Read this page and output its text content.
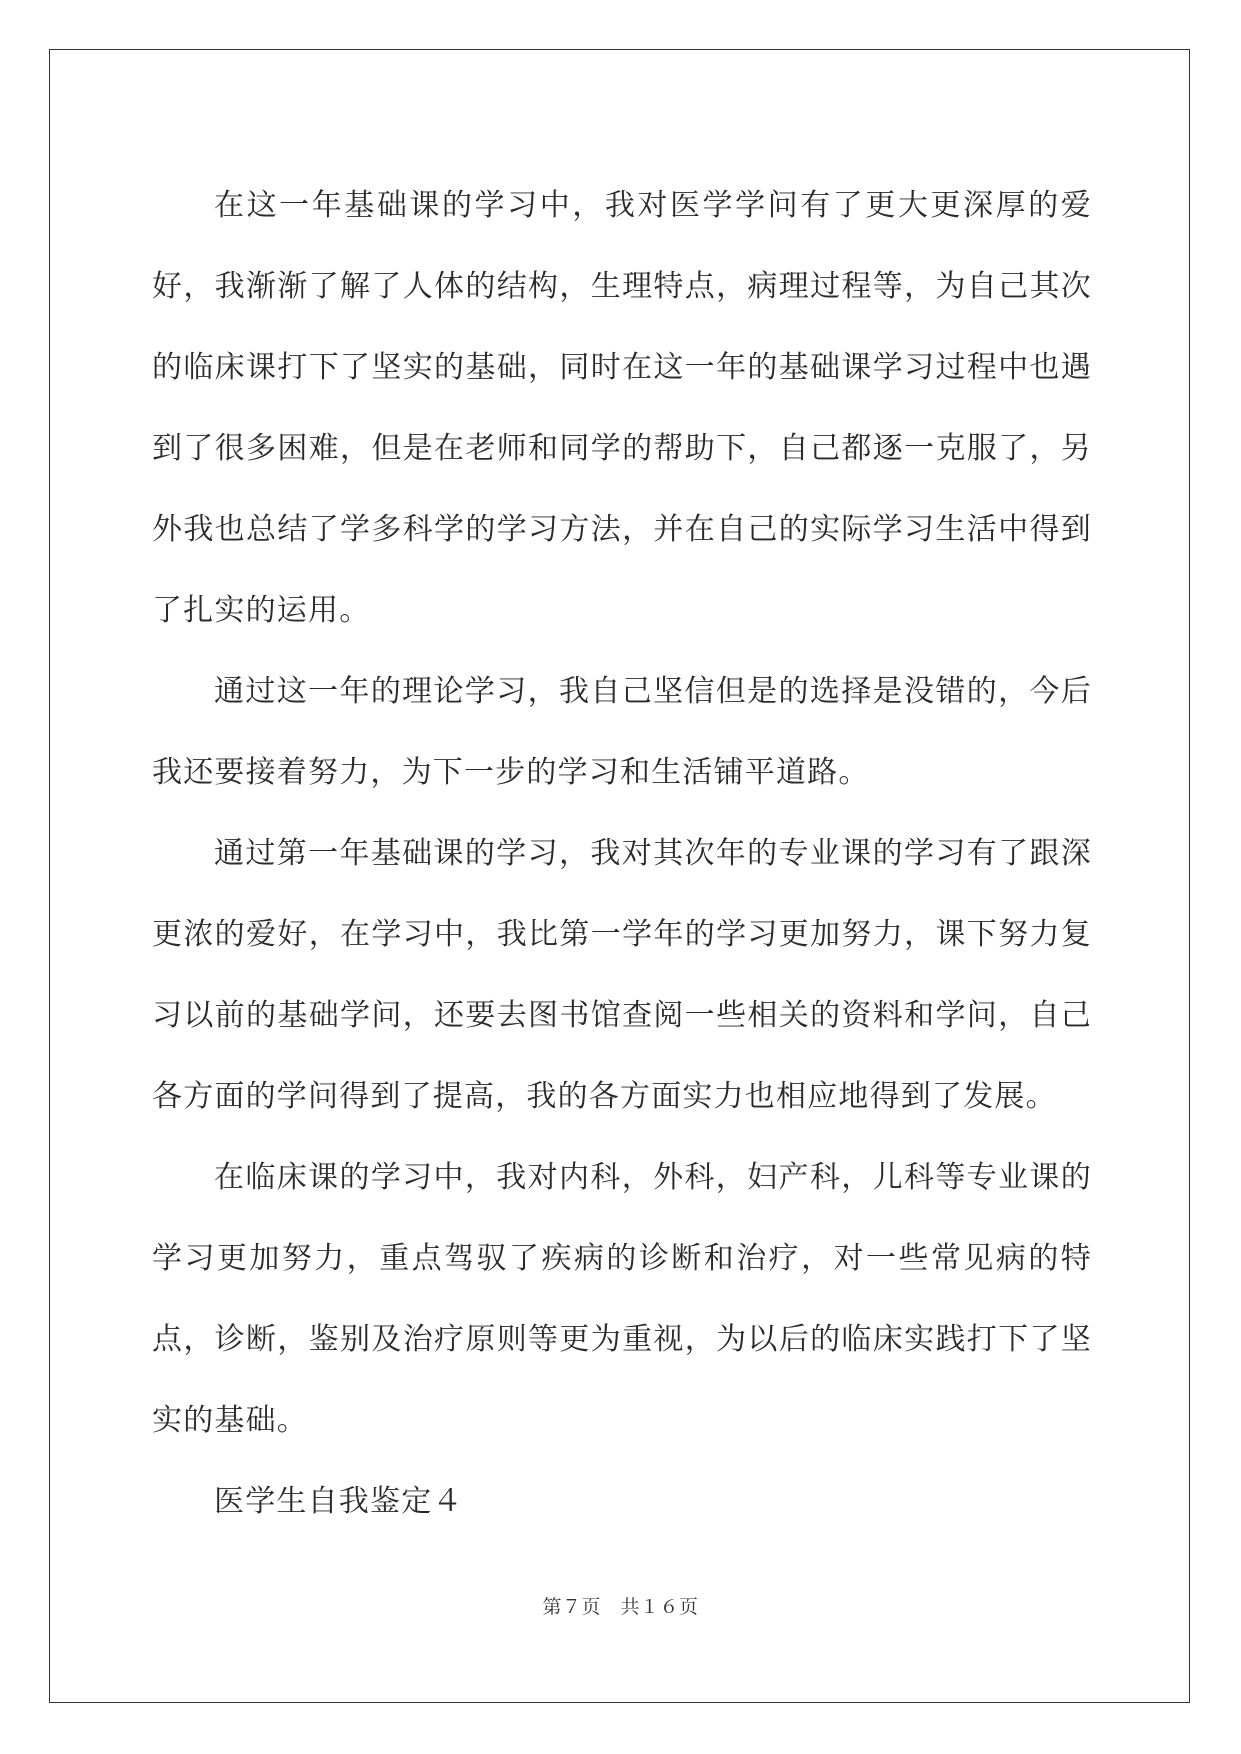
在这一年基础课的学习中，我对医学学问有了更大更深厚的爱好，我渐渐了解了人体的结构，生理特点，病理过程等，为自己其次的临床课打下了坚实的基础，同时在这一年的基础课学习过程中也遇到了很多困难，但是在老师和同学的帮助下，自己都逐一克服了，另外我也总结了学多科学的学习方法，并在自己的实际学习生活中得到了扎实的运用。

通过这一年的理论学习，我自己坚信但是的选择是没错的，今后我还要接着努力，为下一步的学习和生活铺平道路。

通过第一年基础课的学习，我对其次年的专业课的学习有了跟深更浓的爱好，在学习中，我比第一学年的学习更加努力，课下努力复习以前的基础学问，还要去图书馆查阅一些相关的资料和学问，自己各方面的学问得到了提高，我的各方面实力也相应地得到了发展。

在临床课的学习中，我对内科，外科，妇产科，儿科等专业课的学习更加努力，重点驾驭了疾病的诊断和治疗，对一些常见病的特点，诊断，鉴别及治疗原则等更为重视，为以后的临床实践打下了坚实的基础。

医学生自我鉴定４

第７页　共１６页
